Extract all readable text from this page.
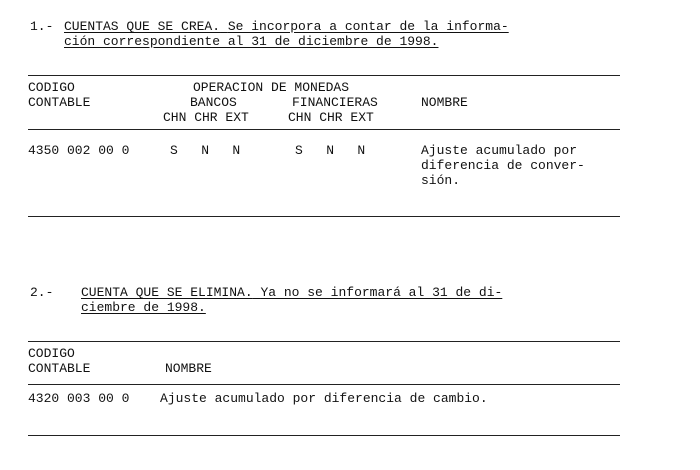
1.- CUENTAS QUE SE CREA. Se incorpora a contar de la informa-
ción correspondiente al 31 de diciembre de 1998.
CODIGO
CONTABLE
OPERACION DE MONEDAS
BANCOS	FINANCIERAS	NOMBRE
CHN CHR EXT	CHN CHR EXT
4350 002 00 0	S   N   N	S   N   N	Ajuste acumulado por
diferencia de conver-
sión.
2.- CUENTA QUE SE ELIMINA. Ya no se informará al 31 de di-
ciembre de 1998.
CODIGO
CONTABLE	NOMBRE
4320 003 00 0 Ajuste acumulado por diferencia de cambio.
